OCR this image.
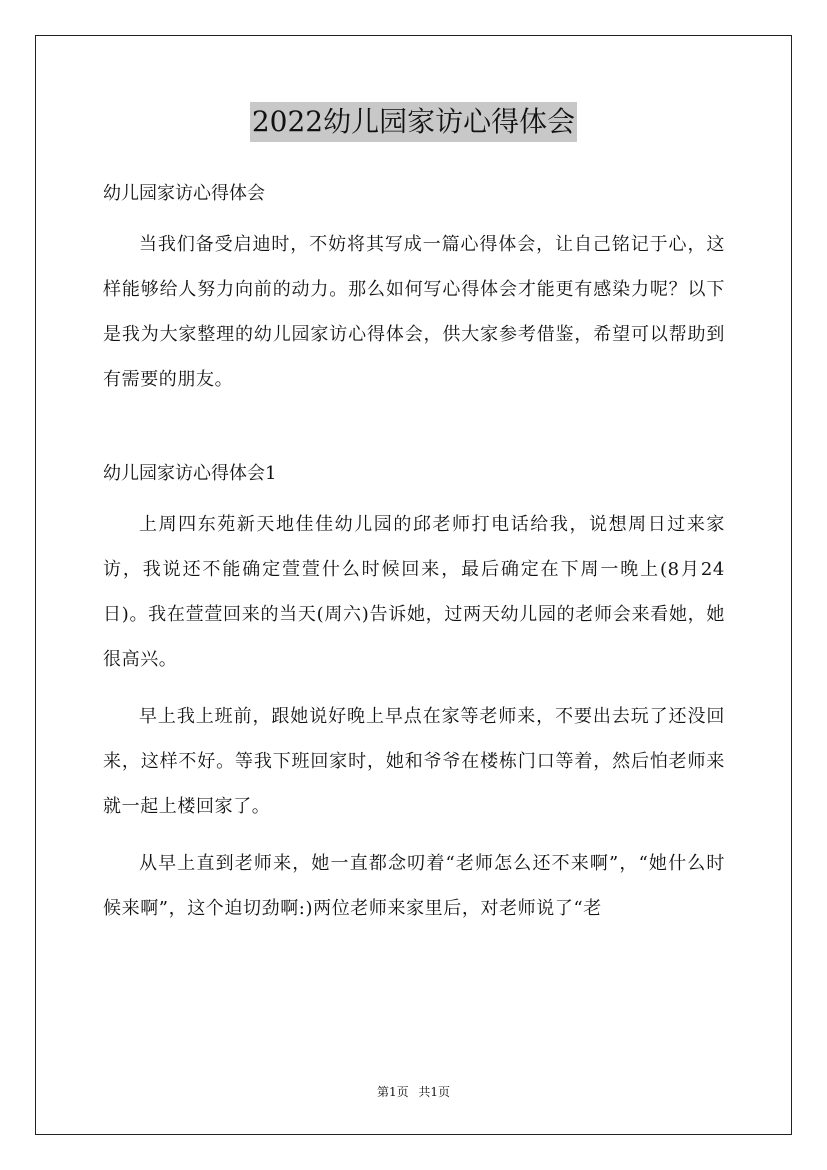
2022幼儿园家访心得体会

幼儿园家访心得体会

当我们备受启迪时，不妨将其写成一篇心得体会，让自己铭记于心，这样能够给人努力向前的动力。那么如何写心得体会才能更有感染力呢？以下是我为大家整理的幼儿园家访心得体会，供大家参考借鉴，希望可以帮助到有需要的朋友。

幼儿园家访心得体会1

上周四东苑新天地佳佳幼儿园的邱老师打电话给我，说想周日过来家访，我说还不能确定萱萱什么时候回来，最后确定在下周一晚上(8月24日)。我在萱萱回来的当天(周六)告诉她，过两天幼儿园的老师会来看她，她很高兴。

早上我上班前，跟她说好晚上早点在家等老师来，不要出去玩了还没回来，这样不好。等我下班回家时，她和爷爷在楼栋门口等着，然后怕老师来就一起上楼回家了。

从早上直到老师来，她一直都念叨着“老师怎么还不来啊”，“她什么时候来啊”，这个迫切劲啊:)两位老师来家里后，对老师说了“老

第1页 共1页
